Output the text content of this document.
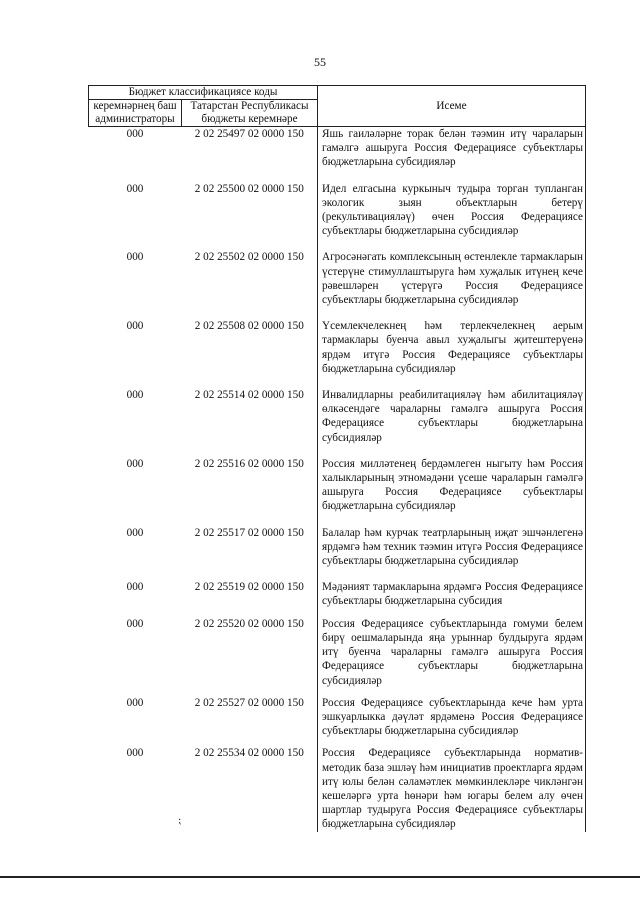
55
Бюджет классификациясе коды		Исеме
керемнәрнең баш администраторы	Татарстан Республикасы бюджеты керемнәре	
000	2 02 25497 02 0000 150	Яшь гаиләләрне торак белән тәэмин итү чараларын гамәлгә ашыруга Россия Федерациясе субъектлары бюджетларына субсидияләр
000	2 02 25500 02 0000 150	Идел елгасына куркыныч тудыра торган тупланган экологик зыян объектларын бетерү (рекультивацияләү) өчен Россия Федерациясе субъектлары бюджетларына субсидияләр
000	2 02 25502 02 0000 150	Агросәнәгать комплексының өстенлекле тармакларын үстерүне стимуллаштыруга һәм хуҗалык итүнең кече рәвешләрен үстерүгә Россия Федерациясе субъектлары бюджетларына субсидияләр
000	2 02 25508 02 0000 150	Үсемлекчелекнең һәм терлекчелекнең аерым тармаклары буенча авыл хуҗалыгы җитештерүенә ярдәм итүгә Россия Федерациясе субъектлары бюджетларына субсидияләр
000	2 02 25514 02 0000 150	Инвалидларны реабилитацияләү һәм абилитацияләү өлкәсендәге чараларны гамәлгә ашыруга Россия Федерациясе субъектлары бюджетларына субсидияләр
000	2 02 25516 02 0000 150	Россия милләтенең бердәмлеген ныгыту һәм Россия халыкларының этномәдәни үсеше чараларын гамәлгә ашыруга Россия Федерациясе субъектлары бюджетларына субсидияләр
000	2 02 25517 02 0000 150	Балалар һәм курчак театрларының иҗат эшчәнлегенә ярдәмгә һәм техник тәэмин итүгә Россия Федерациясе субъектлары бюджетларына субсидияләр
000	2 02 25519 02 0000 150	Мәдәният тармакларына ярдәмгә Россия Федерациясе субъектлары бюджетларына субсидия
000	2 02 25520 02 0000 150	Россия Федерациясе субъектларында гомуми белем бирү оешмаларында яңа урыннар булдыруга ярдәм итү буенча чараларны гамәлгә ашыруга Россия Федерациясе субъектлары бюджетларына субсидияләр
000	2 02 25527 02 0000 150	Россия Федерациясе субъектларында кече һәм урта эшкуарлыкка дәүләт ярдәменә Россия Федерациясе субъектлары бюджетларына субсидияләр
000	2 02 25534 02 0000 150	Россия Федерациясе субъектларында норматив-методик база эшләү һәм инициатив проектларга ярдәм итү юлы белән сәламәтлек мөмкинлекләре чикләнгән кешеләргә урта һөнәри һәм югары белем алу өчен шартлар тудыруга Россия Федерациясе субъектлары бюджетларына субсидияләр
⁏
